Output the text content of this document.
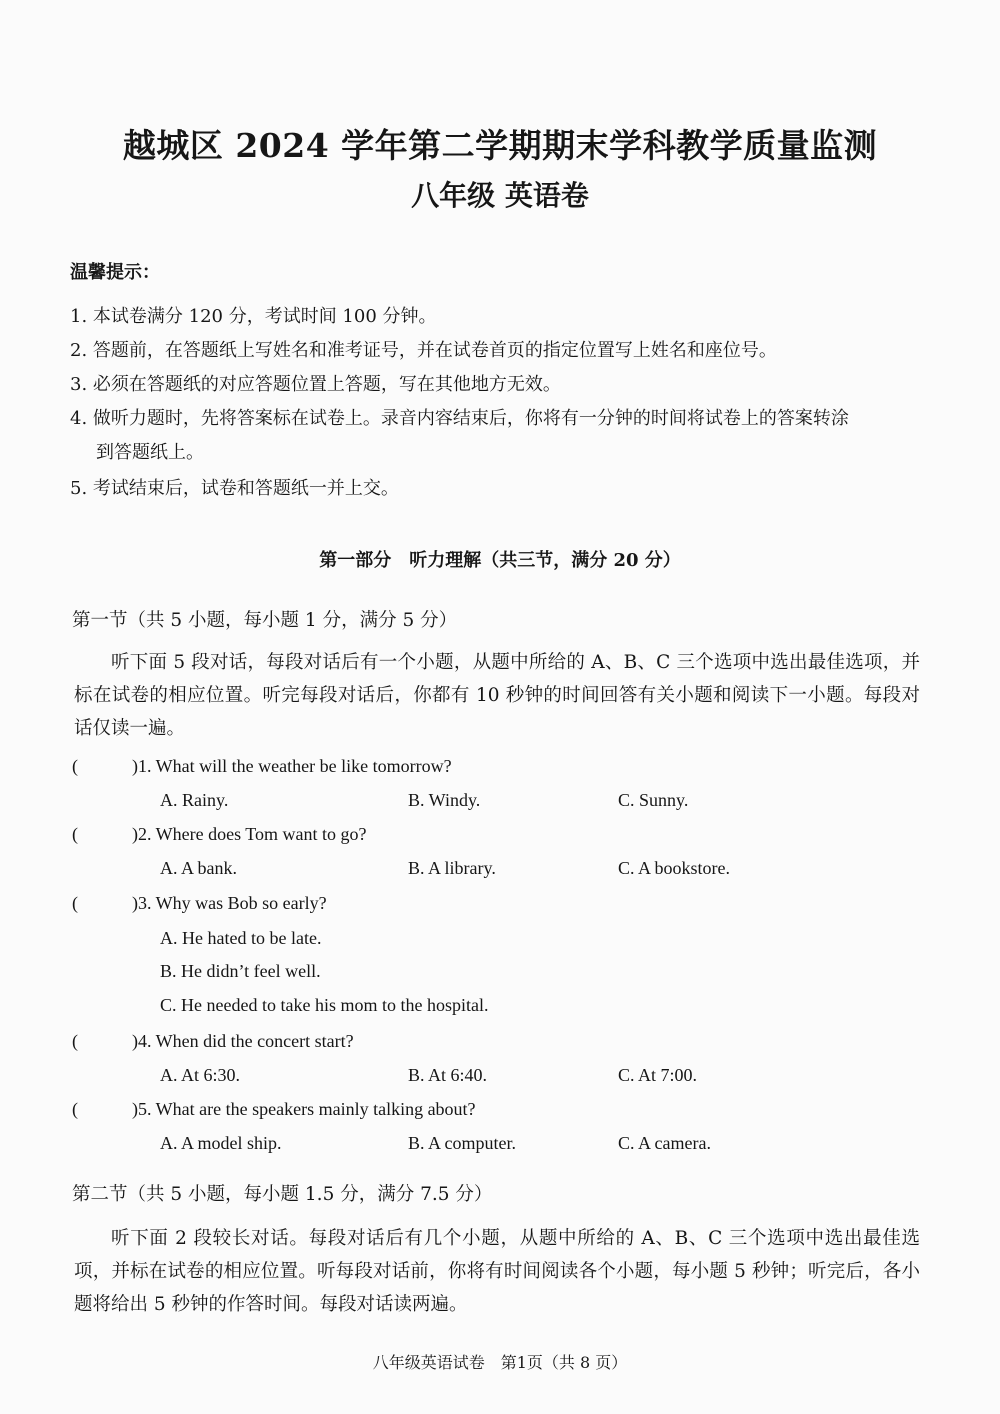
越城区 2024 学年第二学期期末学科教学质量监测
八年级 英语卷
温馨提示：
1. 本试卷满分 120 分，考试时间 100 分钟。
2. 答题前，在答题纸上写姓名和准考证号，并在试卷首页的指定位置写上姓名和座位号。
3. 必须在答题纸的对应答题位置上答题，写在其他地方无效。
4. 做听力题时，先将答案标在试卷上。录音内容结束后，你将有一分钟的时间将试卷上的答案转涂
到答题纸上。
5. 考试结束后，试卷和答题纸一并上交。
第一部分　听力理解（共三节，满分 20 分）
第一节（共 5 小题，每小题 1 分，满分 5 分）
听下面 5 段对话，每段对话后有一个小题，从题中所给的 A、B、C 三个选项中选出最佳选项，并标在试卷的相应位置。听完每段对话后，你都有 10 秒钟的时间回答有关小题和阅读下一小题。每段对话仅读一遍。
(	)1. What will the weather be like tomorrow?
A. Rainy.	B. Windy.	C. Sunny.
(	)2. Where does Tom want to go?
A. A bank.	B. A library.	C. A bookstore.
(	)3. Why was Bob so early?
A. He hated to be late.
B. He didn’t feel well.
C. He needed to take his mom to the hospital.
(	)4. When did the concert start?
A. At 6:30.	B. At 6:40.	C. At 7:00.
(	)5. What are the speakers mainly talking about?
A. A model ship.	B. A computer.	C. A camera.
第二节（共 5 小题，每小题 1.5 分，满分 7.5 分）
听下面 2 段较长对话。每段对话后有几个小题，从题中所给的 A、B、C 三个选项中选出最佳选项，并标在试卷的相应位置。听每段对话前，你将有时间阅读各个小题，每小题 5 秒钟；听完后，各小题将给出 5 秒钟的作答时间。每段对话读两遍。
八年级英语试卷　第1页（共 8 页）
